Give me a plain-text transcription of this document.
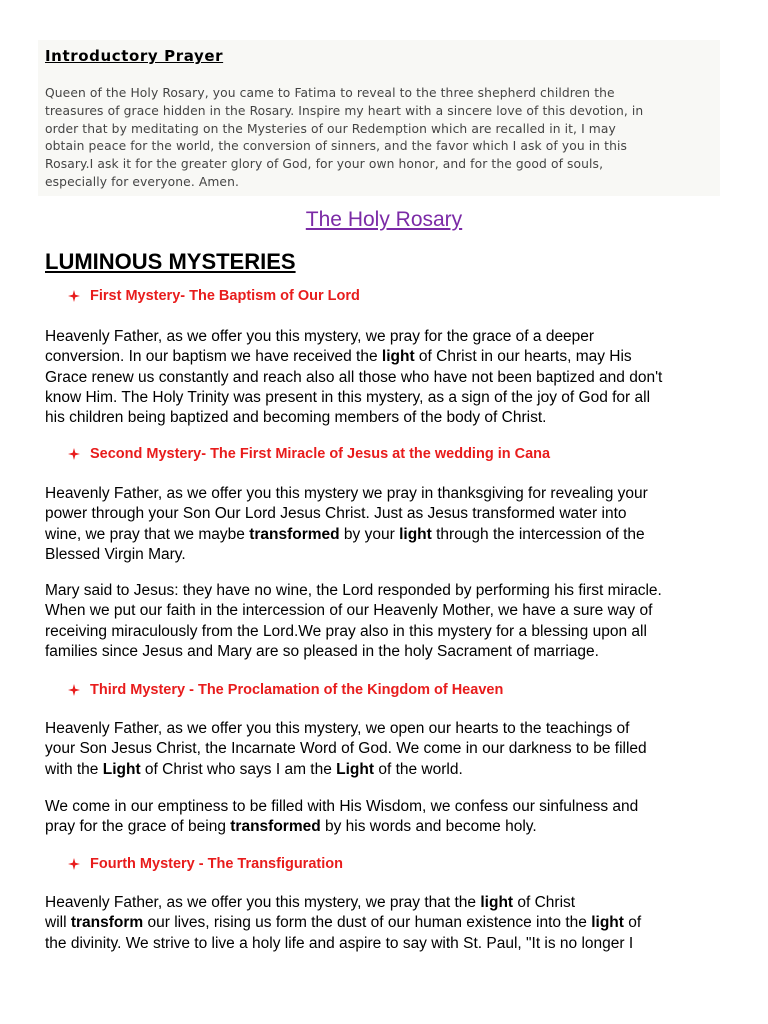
Introductory Prayer
Queen of the Holy Rosary, you came to Fatima to reveal to the three shepherd children the
treasures of grace hidden in the Rosary. Inspire my heart with a sincere love of this devotion, in
order that by meditating on the Mysteries of our Redemption which are recalled in it, I may
obtain peace for the world, the conversion of sinners, and the favor which I ask of you in this
Rosary.I ask it for the greater glory of God, for your own honor, and for the good of souls,
especially for everyone. Amen.
The Holy Rosary
LUMINOUS MYSTERIES
First Mystery- The Baptism of Our Lord
Heavenly Father, as we offer you this mystery, we pray for the grace of a deeper
conversion. In our baptism we have received the light of Christ in our hearts, may His
Grace renew us constantly and reach also all those who have not been baptized and don't
know Him. The Holy Trinity was present in this mystery, as a sign of the joy of God for all
his children being baptized and becoming members of the body of Christ.
Second Mystery- The First Miracle of Jesus at the wedding in Cana
Heavenly Father, as we offer you this mystery we pray in thanksgiving for revealing your
power through your Son Our Lord Jesus Christ. Just as Jesus transformed water into
wine, we pray that we maybe transformed by your light through the intercession of the
Blessed Virgin Mary.
Mary said to Jesus: they have no wine, the Lord responded by performing his first miracle.
When we put our faith in the intercession of our Heavenly Mother, we have a sure way of
receiving miraculously from the Lord.We pray also in this mystery for a blessing upon all
families since Jesus and Mary are so pleased in the holy Sacrament of marriage.
Third Mystery - The Proclamation of the Kingdom of Heaven
Heavenly Father, as we offer you this mystery, we open our hearts to the teachings of
your Son Jesus Christ, the Incarnate Word of God. We come in our darkness to be filled
with the Light of Christ who says I am the Light of the world.
We come in our emptiness to be filled with His Wisdom, we confess our sinfulness and
pray for the grace of being transformed by his words and become holy.
Fourth Mystery - The Transfiguration
Heavenly Father, as we offer you this mystery, we pray that the light of Christ
will transform our lives, rising us form the dust of our human existence into the light of
the divinity. We strive to live a holy life and aspire to say with St. Paul, "It is no longer I
